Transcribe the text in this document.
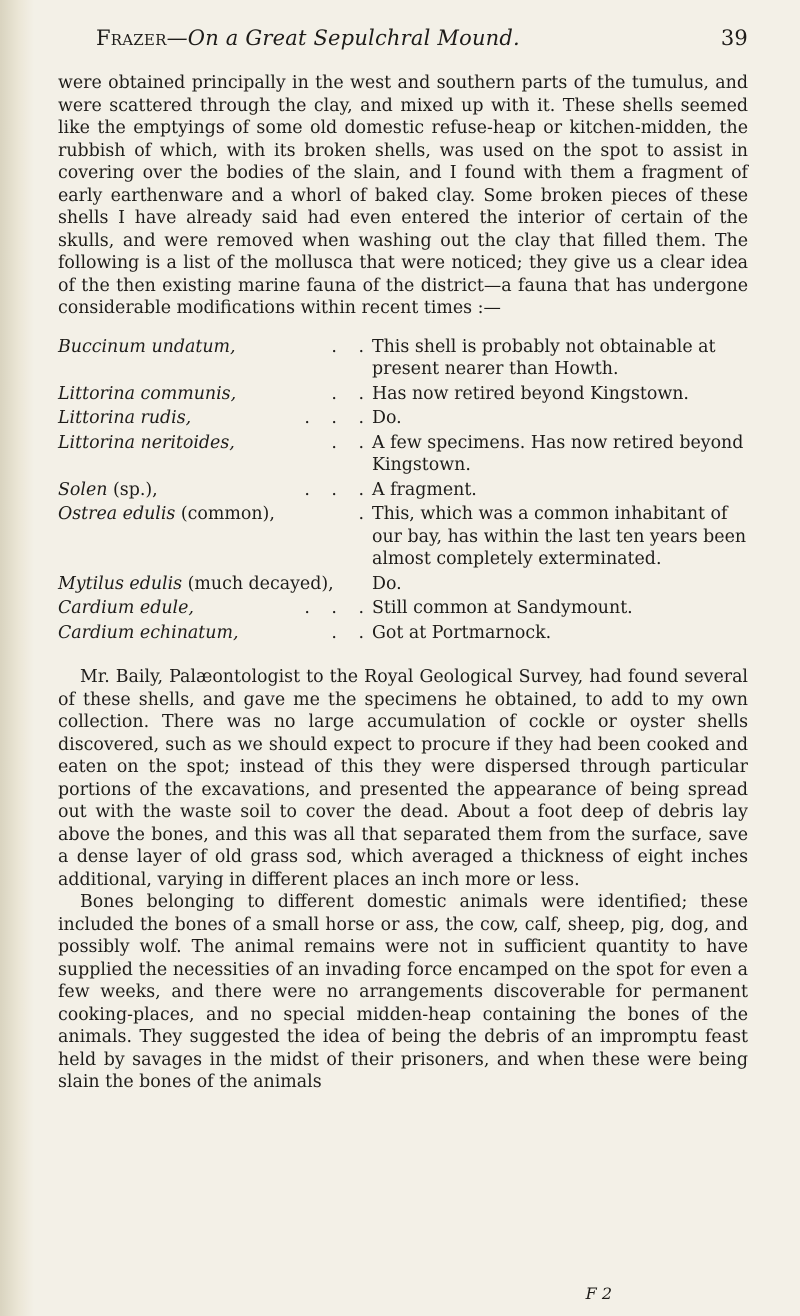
Frazer—On a Great Sepulchral Mound.	39

were obtained principally in the west and southern parts of the tumulus, and were scattered through the clay, and mixed up with it. These shells seemed like the emptyings of some old domestic refuse-heap or kitchen-midden, the rubbish of which, with its broken shells, was used on the spot to assist in covering over the bodies of the slain, and I found with them a fragment of early earthenware and a whorl of baked clay. Some broken pieces of these shells I have already said had even entered the interior of certain of the skulls, and were removed when washing out the clay that filled them. The following is a list of the mollusca that were noticed; they give us a clear idea of the then existing marine fauna of the district—a fauna that has undergone considerable modifications within recent times :—

Buccinum undatum, . .	This shell is probably not obtainable at present nearer than Howth.
Littorina communis, . .	Has now retired beyond Kingstown.
Littorina rudis, . . .	Do.
Littorina neritoides, . .	A few specimens. Has now retired beyond Kingstown.
Solen (sp.), . . .	A fragment.
Ostrea edulis (common), .	This, which was a common inhabitant of our bay, has within the last ten years been almost completely exterminated.
Mytilus edulis (much decayed),	Do.
Cardium edule, . . .	Still common at Sandymount.
Cardium echinatum, . .	Got at Portmarnock.

Mr. Baily, Palæontologist to the Royal Geological Survey, had found several of these shells, and gave me the specimens he obtained, to add to my own collection. There was no large accumulation of cockle or oyster shells discovered, such as we should expect to procure if they had been cooked and eaten on the spot; instead of this they were dispersed through particular portions of the excavations, and presented the appearance of being spread out with the waste soil to cover the dead. About a foot deep of debris lay above the bones, and this was all that separated them from the surface, save a dense layer of old grass sod, which averaged a thickness of eight inches additional, varying in different places an inch more or less.

Bones belonging to different domestic animals were identified; these included the bones of a small horse or ass, the cow, calf, sheep, pig, dog, and possibly wolf. The animal remains were not in sufficient quantity to have supplied the necessities of an invading force encamped on the spot for even a few weeks, and there were no arrangements discoverable for permanent cooking-places, and no special midden-heap containing the bones of the animals. They suggested the idea of being the debris of an impromptu feast held by savages in the midst of their prisoners, and when these were being slain the bones of the animals

F 2
